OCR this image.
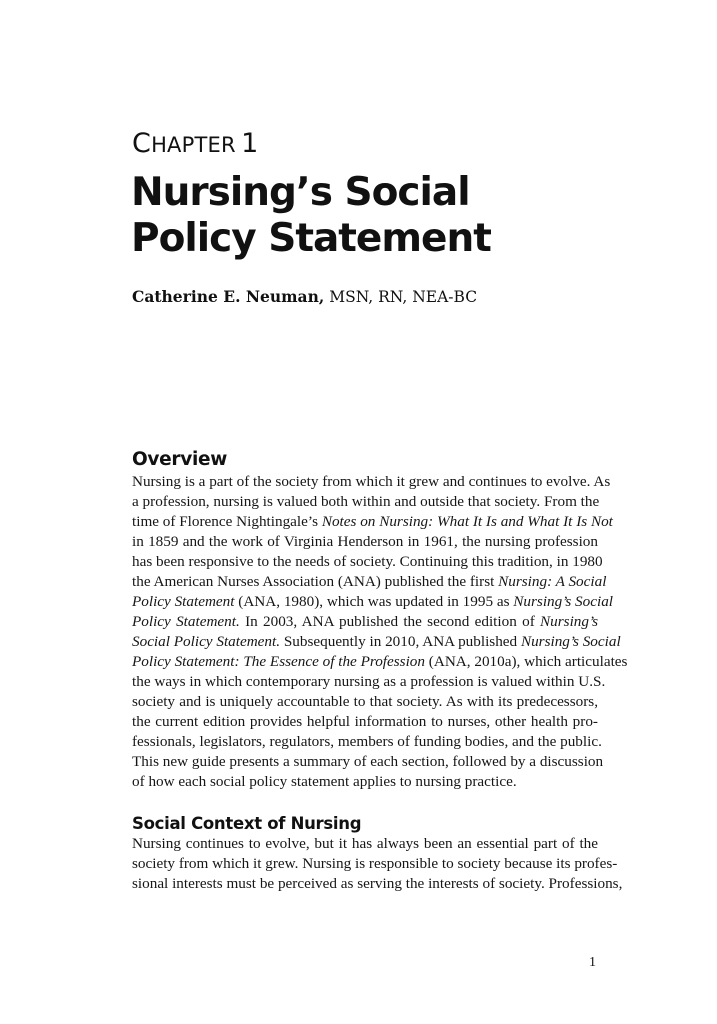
CHAPTER 1
Nursing’s Social
Policy Statement
Catherine E. Neuman, MSN, RN, NEA-BC
Overview
Nursing is a part of the society from which it grew and continues to evolve. As
a profession, nursing is valued both within and outside that society. From the
time of Florence Nightingale’s Notes on Nursing: What It Is and What It Is Not
in 1859 and the work of Virginia Henderson in 1961, the nursing profession
has been responsive to the needs of society. Continuing this tradition, in 1980
the American Nurses Association (ANA) published the first Nursing: A Social
Policy Statement (ANA, 1980), which was updated in 1995 as Nursing’s Social
Policy Statement. In 2003, ANA published the second edition of Nursing’s
Social Policy Statement. Subsequently in 2010, ANA published Nursing’s Social
Policy Statement: The Essence of the Profession (ANA, 2010a), which articulates
the ways in which contemporary nursing as a profession is valued within U.S.
society and is uniquely accountable to that society. As with its predecessors,
the current edition provides helpful information to nurses, other health pro-
fessionals, legislators, regulators, members of funding bodies, and the public.
This new guide presents a summary of each section, followed by a discussion
of how each social policy statement applies to nursing practice.
Social Context of Nursing
Nursing continues to evolve, but it has always been an essential part of the
society from which it grew. Nursing is responsible to society because its profes-
sional interests must be perceived as serving the interests of society. Professions,
1
